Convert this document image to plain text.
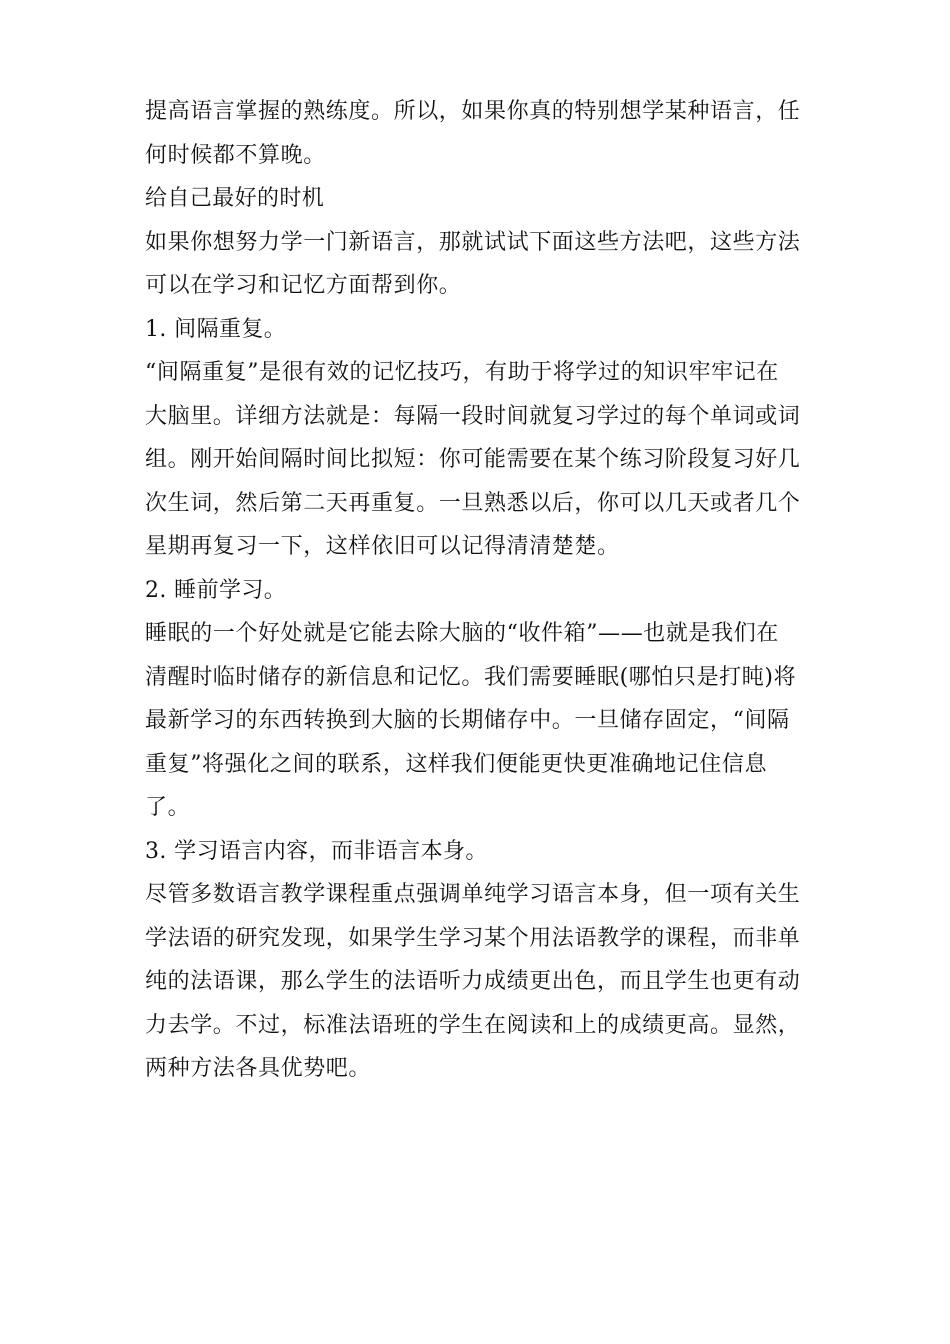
提高语言掌握的熟练度。所以，如果你真的特别想学某种语言，任
何时候都不算晚。
给自己最好的时机
如果你想努力学一门新语言，那就试试下面这些方法吧，这些方法
可以在学习和记忆方面帮到你。
1. 间隔重复。
“间隔重复”是很有效的记忆技巧，有助于将学过的知识牢牢记在
大脑里。详细方法就是：每隔一段时间就复习学过的每个单词或词
组。刚开始间隔时间比拟短：你可能需要在某个练习阶段复习好几
次生词，然后第二天再重复。一旦熟悉以后，你可以几天或者几个
星期再复习一下，这样依旧可以记得清清楚楚。
2. 睡前学习。
睡眠的一个好处就是它能去除大脑的“收件箱”——也就是我们在
清醒时临时储存的新信息和记忆。我们需要睡眠(哪怕只是打盹)将
最新学习的东西转换到大脑的长期储存中。一旦储存固定，“间隔
重复”将强化之间的联系，这样我们便能更快更准确地记住信息
了。
3. 学习语言内容，而非语言本身。
尽管多数语言教学课程重点强调单纯学习语言本身，但一项有关生
学法语的研究发现，如果学生学习某个用法语教学的课程，而非单
纯的法语课，那么学生的法语听力成绩更出色，而且学生也更有动
力去学。不过，标准法语班的学生在阅读和上的成绩更高。显然，
两种方法各具优势吧。
